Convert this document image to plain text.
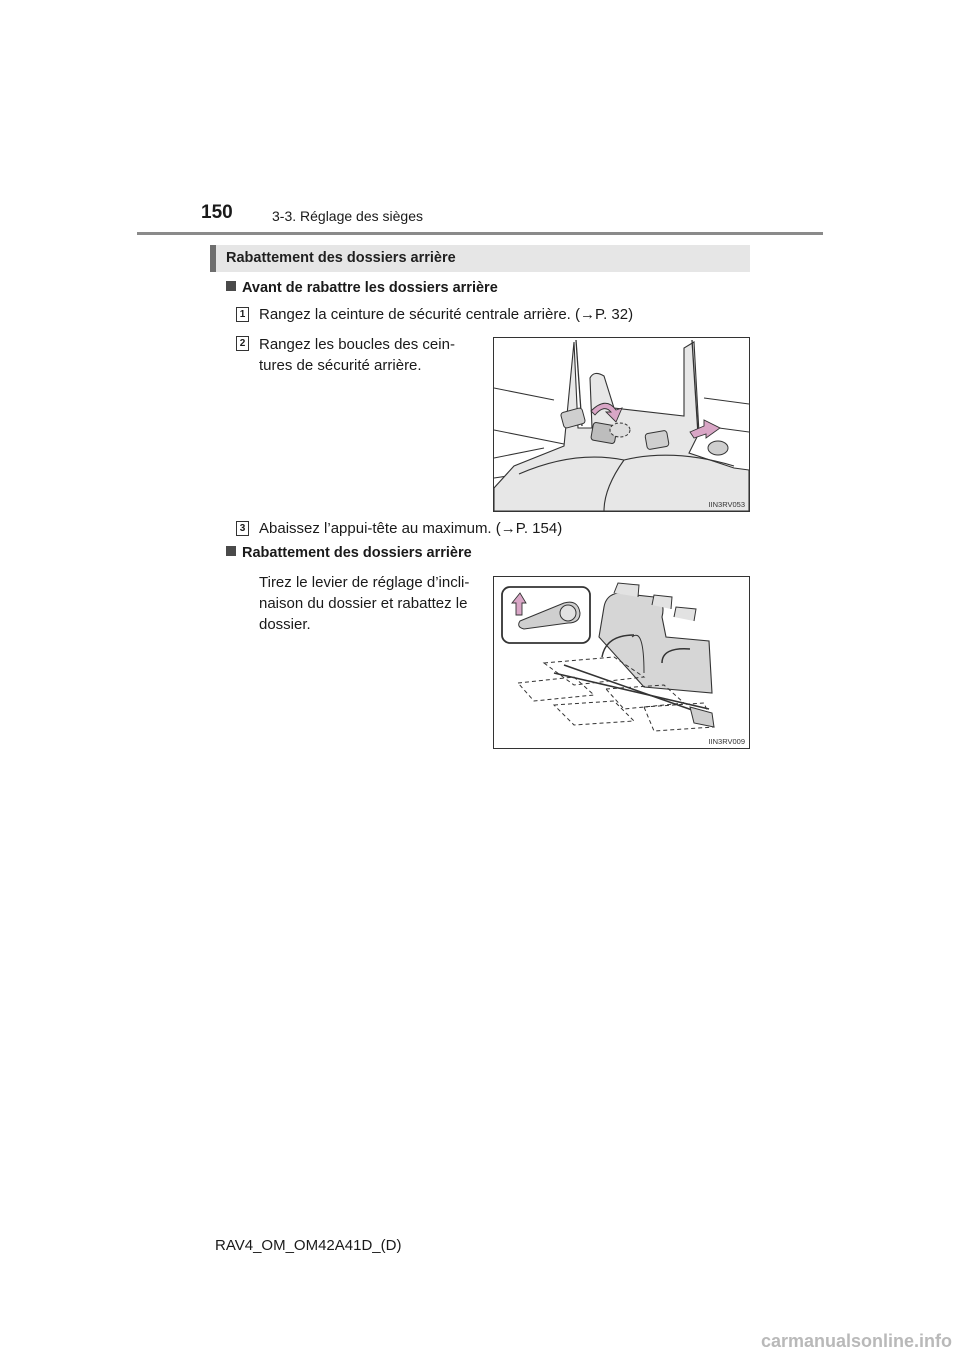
150	3-3. Réglage des sièges
Rabattement des dossiers arrière
Avant de rabattre les dossiers arrière
1 Rangez la ceinture de sécurité centrale arrière. (→P. 32)
2 Rangez les boucles des cein-
tures de sécurité arrière.
IIN3RV053
3 Abaissez l’appui-tête au maximum. (→P. 154)
Rabattement des dossiers arrière
Tirez le levier de réglage d’incli-
naison du dossier et rabattez le
dossier.
IIN3RV009
RAV4_OM_OM42A41D_(D)
carmanualsonline.info
